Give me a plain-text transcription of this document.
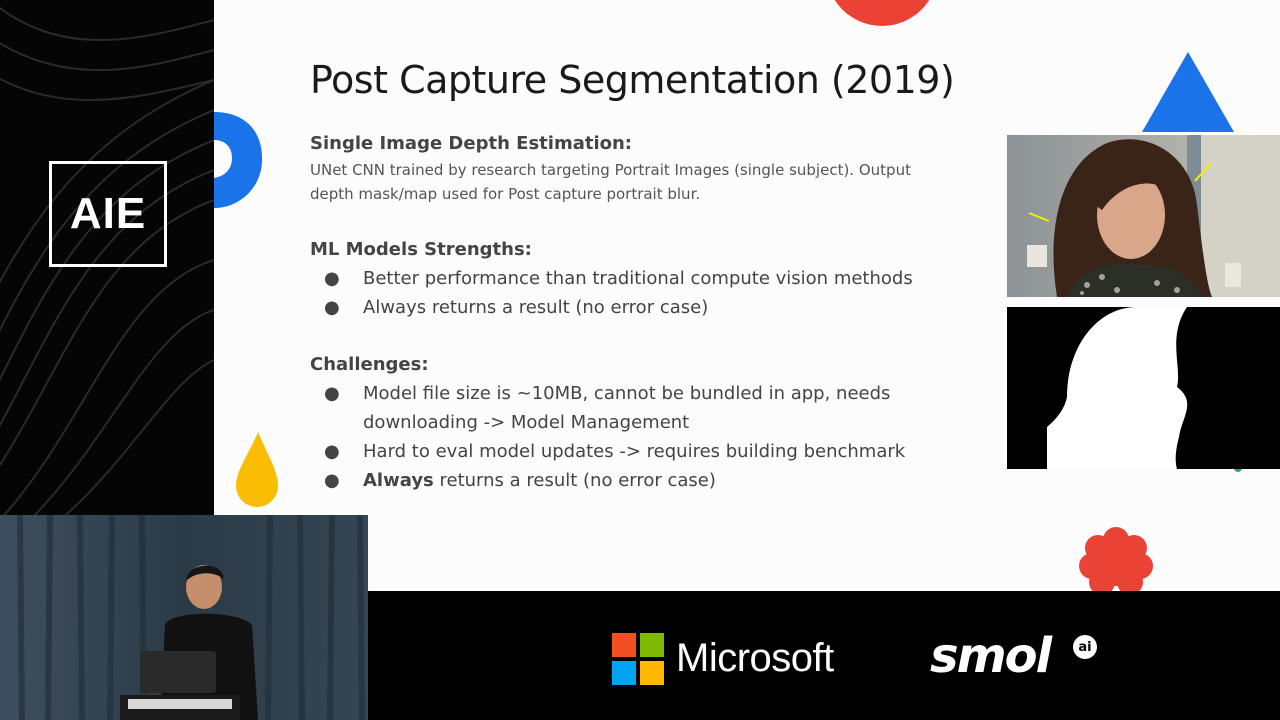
AIE
Post Capture Segmentation (2019)
Single Image Depth Estimation:
UNet CNN trained by research targeting Portrait Images (single subject). Output
depth mask/map used for Post capture portrait blur.
ML Models Strengths:
● Better performance than traditional compute vision methods
● Always returns a result (no error case)
Challenges:
● Model file size is ~10MB, cannot be bundled in app, needs
downloading -> Model Management
● Hard to eval model updates -> requires building benchmark
● Always returns a result (no error case)
Microsoft smol	ai
